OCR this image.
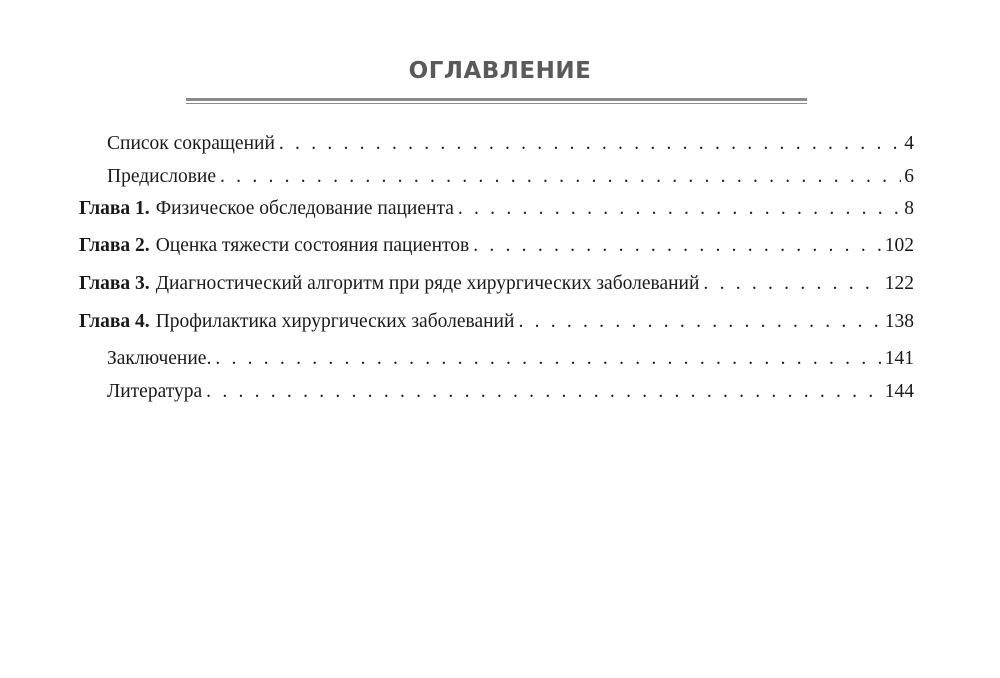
ОГЛАВЛЕНИЕ
Список сокращений . . .	4
Предисловие . . .	6
Глава 1. Физическое обследование пациента . . .	8
Глава 2. Оценка тяжести состояния пациентов . . .	102
Глава 3. Диагностический алгоритм при ряде хирургических заболеваний . . .	122
Глава 4. Профилактика хирургических заболеваний . . .	138
Заключение. . . .	141
Литература . . .	144
